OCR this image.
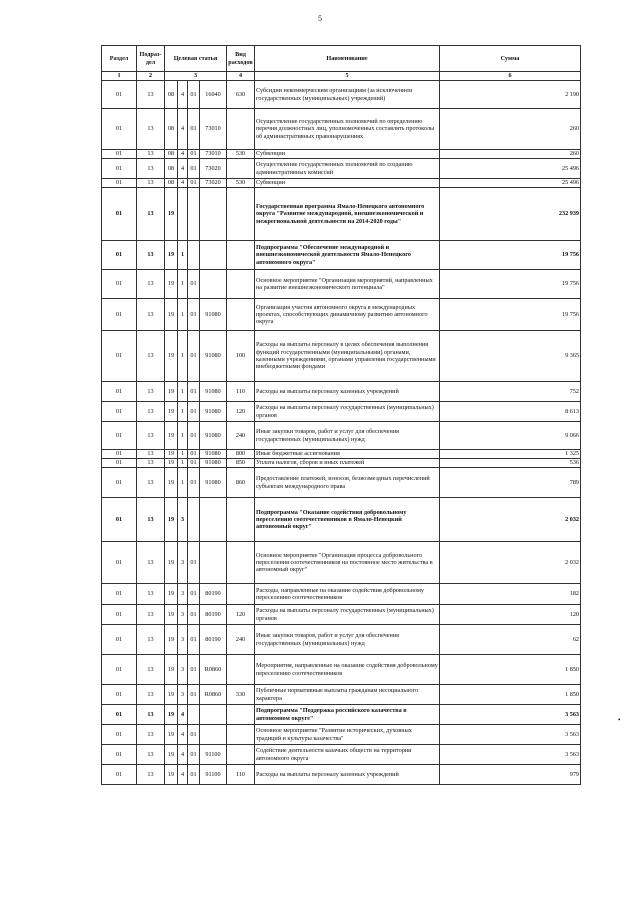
5
Раздел	Подраз-дел	Целевая статья				Вид расходов	Наименование	Сумма
1	2	3				4	5	6
01	13	08	4	01	16040	630	Субсидии некоммерческим организациям (за исключением государственных (муниципальных) учреждений)	2 190
01	13	08	4	01	73010		Осуществление государственных полномочий по определению перечня должностных лиц, уполномоченных составлять протоколы об административных правонарушениях	260
01	13	08	4	01	73010	530	Субвенции	260
01	13	08	4	01	73020		Осуществление государственных полномочий по созданию административных комиссий	25 496
01	13	08	4	01	73020	530	Субвенции	25 496
01	13	19					Государственная программа Ямало-Ненецкого автономного округа "Развитие международной, внешнеэкономической и межрегиональной деятельности на 2014-2020 годы"	232 939
01	13	19	1				Подпрограмма "Обеспечение международной и внешнеэкономической деятельности Ямало-Ненецкого автономного округа"	19 756
01	13	19	1	01			Основное мероприятие "Организация мероприятий, направленных на развитие внешнеэкономического потенциала"	19 756
01	13	19	1	01	91080		Организация участия автономного округа в международных проектах, способствующих динамичному развитию автономного округа	19 756
01	13	19	1	01	91080	100	Расходы на выплаты персоналу в целях обеспечения выполнения функций государственными (муниципальными) органами, казенными учреждениями, органами управления государственными внебюджетными фондами	9 365
01	13	19	1	01	91080	110	Расходы на выплаты персоналу казенных учреждений	752
01	13	19	1	01	91080	120	Расходы на выплаты персоналу государственных (муниципальных) органов	8 613
01	13	19	1	01	91080	240	Иные закупки товаров, работ и услуг для обеспечения государственных (муниципальных) нужд	9 066
01	13	19	1	01	91080	800	Иные бюджетные ассигнования	1 325
01	13	19	1	01	91080	850	Уплата налогов, сборов и иных платежей	536
01	13	19	1	01	91080	860	Предоставление платежей, взносов, безвозмездных перечислений субъектам международного права	789
01	13	19	3				Подпрограмма "Оказание содействия добровольному переселению соотечественников в Ямало-Ненецкий автономный округ"	2 032
01	13	19	3	01			Основное мероприятие "Организация процесса добровольного переселения соотечественников на постоянное место жительства в автономный округ"	2 032
01	13	19	3	01	80190		Расходы, направленные на оказание содействия добровольному переселению соотечественников	182
01	13	19	3	01	80190	120	Расходы на выплаты персоналу государственных (муниципальных) органов	120
01	13	19	3	01	80190	240	Иные закупки товаров, работ и услуг для обеспечения государственных (муниципальных) нужд	62
01	13	19	3	01	R0860		Мероприятия, направленные на оказание содействия добровольному переселению соотечественников	1 850
01	13	19	3	01	R0860	330	Публичные нормативные выплаты гражданам несоциального характера	1 850
01	13	19	4				Подпрограмма "Поддержка российского казачества в автономном округе"	3 563
01	13	19	4	01			Основное мероприятие "Развитие исторических, духовных традиций и культуры казачества"	3 563
01	13	19	4	01	91100		Содействие деятельности казачьих обществ на территории автономного округа	3 563
01	13	19	4	01	91100	110	Расходы на выплаты персоналу казенных учреждений	979
•
